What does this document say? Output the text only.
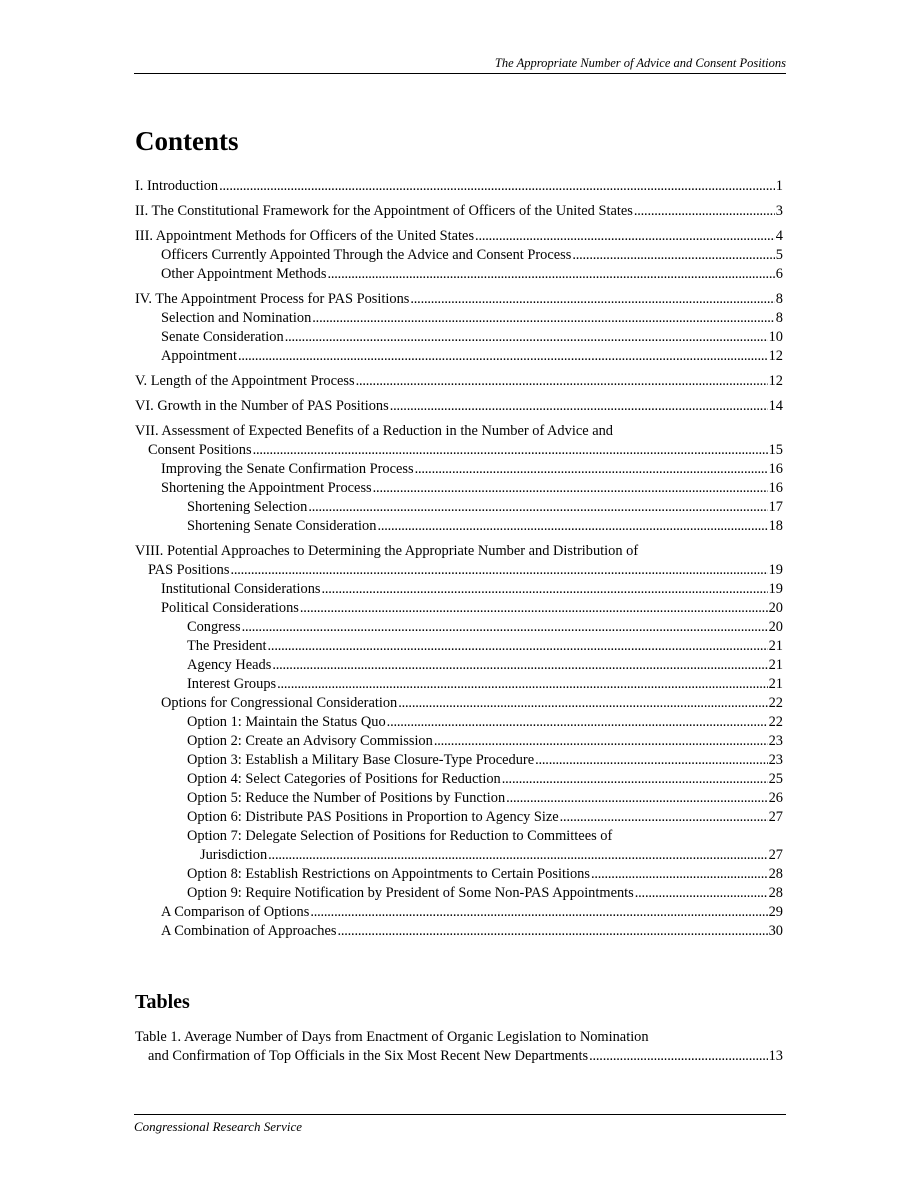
The Appropriate Number of Advice and Consent Positions
Contents
I. Introduction . . .	1
II. The Constitutional Framework for the Appointment of Officers of the United States . . .	3
III. Appointment Methods for Officers of the United States . . .	4
Officers Currently Appointed Through the Advice and Consent Process . . .	5
Other Appointment Methods . . .	6
IV. The Appointment Process for PAS Positions . . .	8
Selection and Nomination . . .	8
Senate Consideration . . .	10
Appointment . . .	12
V. Length of the Appointment Process . . .	12
VI. Growth in the Number of PAS Positions . . .	14
VII. Assessment of Expected Benefits of a Reduction in the Number of Advice and
Consent Positions . . .	15
Improving the Senate Confirmation Process . . .	16
Shortening the Appointment Process . . .	16
Shortening Selection . . .	17
Shortening Senate Consideration . . .	18
VIII. Potential Approaches to Determining the Appropriate Number and Distribution of
PAS Positions . . .	19
Institutional Considerations . . .	19
Political Considerations . . .	20
Congress . . .	20
The President . . .	21
Agency Heads . . .	21
Interest Groups . . .	21
Options for Congressional Consideration . . .	22
Option 1: Maintain the Status Quo . . .	22
Option 2: Create an Advisory Commission . . .	23
Option 3: Establish a Military Base Closure-Type Procedure . . .	23
Option 4: Select Categories of Positions for Reduction . . .	25
Option 5: Reduce the Number of Positions by Function . . .	26
Option 6: Distribute PAS Positions in Proportion to Agency Size . . .	27
Option 7: Delegate Selection of Positions for Reduction to Committees of
Jurisdiction . . .	27
Option 8: Establish Restrictions on Appointments to Certain Positions . . .	28
Option 9: Require Notification by President of Some Non-PAS Appointments . . .	28
A Comparison of Options . . .	29
A Combination of Approaches . . .	30
Tables
Table 1. Average Number of Days from Enactment of Organic Legislation to Nomination
and Confirmation of Top Officials in the Six Most Recent New Departments . . .	13
Congressional Research Service
